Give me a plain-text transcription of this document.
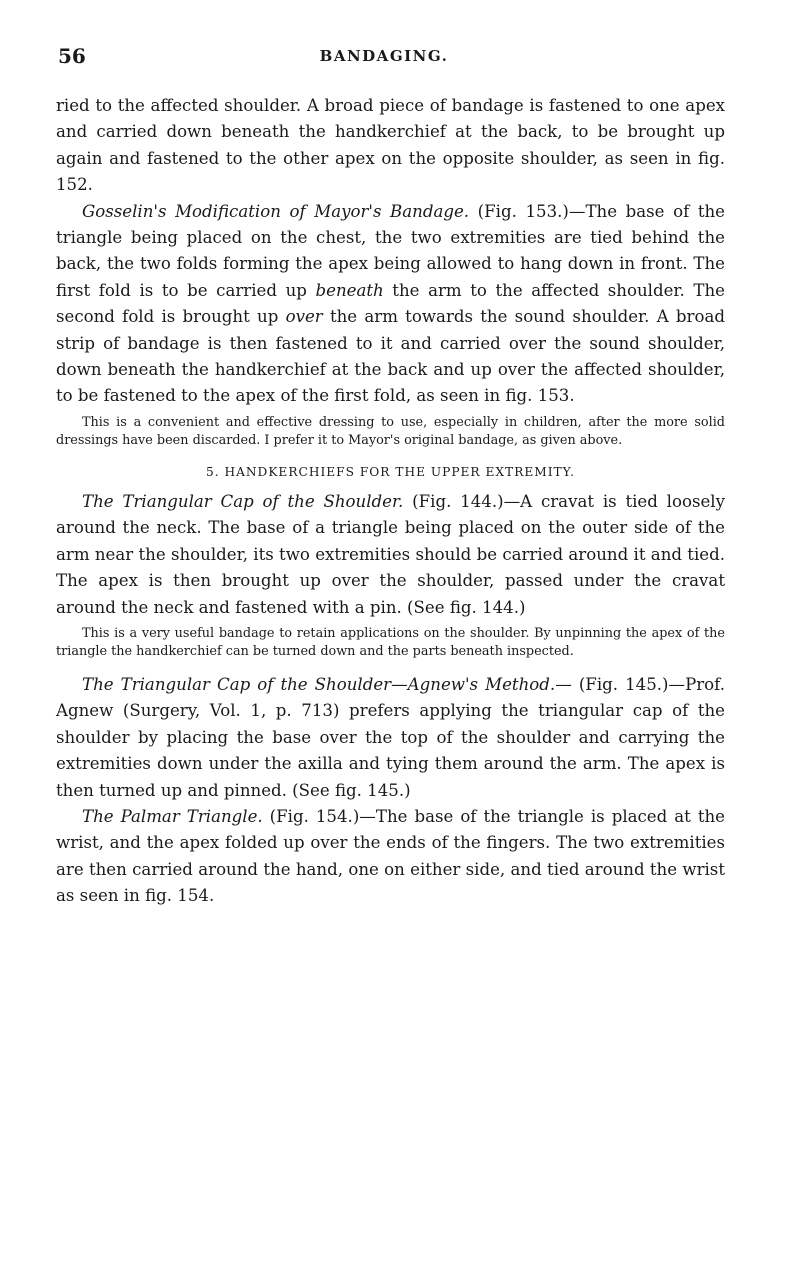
56	BANDAGING.

ried to the affected shoulder. A broad piece of bandage is fastened to one apex and carried down beneath the handkerchief at the back, to be brought up again and fastened to the other apex on the opposite shoulder, as seen in fig. 152.

Gosselin's Modification of Mayor's Bandage. (Fig. 153.)—The base of the triangle being placed on the chest, the two extremities are tied behind the back, the two folds forming the apex being allowed to hang down in front. The first fold is to be carried up beneath the arm to the affected shoulder. The second fold is brought up over the arm towards the sound shoulder. A broad strip of bandage is then fastened to it and carried over the sound shoulder, down beneath the handkerchief at the back and up over the affected shoulder, to be fastened to the apex of the first fold, as seen in fig. 153.

This is a convenient and effective dressing to use, especially in children, after the more solid dressings have been discarded. I prefer it to Mayor's original bandage, as given above.

5. HANDKERCHIEFS FOR THE UPPER EXTREMITY.

The Triangular Cap of the Shoulder. (Fig. 144.)—A cravat is tied loosely around the neck. The base of a triangle being placed on the outer side of the arm near the shoulder, its two extremities should be carried around it and tied. The apex is then brought up over the shoulder, passed under the cravat around the neck and fastened with a pin. (See fig. 144.)

This is a very useful bandage to retain applications on the shoulder. By unpinning the apex of the triangle the handkerchief can be turned down and the parts beneath inspected.

The Triangular Cap of the Shoulder—Agnew's Method.— (Fig. 145.)—Prof. Agnew (Surgery, Vol. 1, p. 713) prefers applying the triangular cap of the shoulder by placing the base over the top of the shoulder and carrying the extremities down under the axilla and tying them around the arm. The apex is then turned up and pinned. (See fig. 145.)

The Palmar Triangle. (Fig. 154.)—The base of the triangle is placed at the wrist, and the apex folded up over the ends of the fingers. The two extremities are then carried around the hand, one on either side, and tied around the wrist as seen in fig. 154.
